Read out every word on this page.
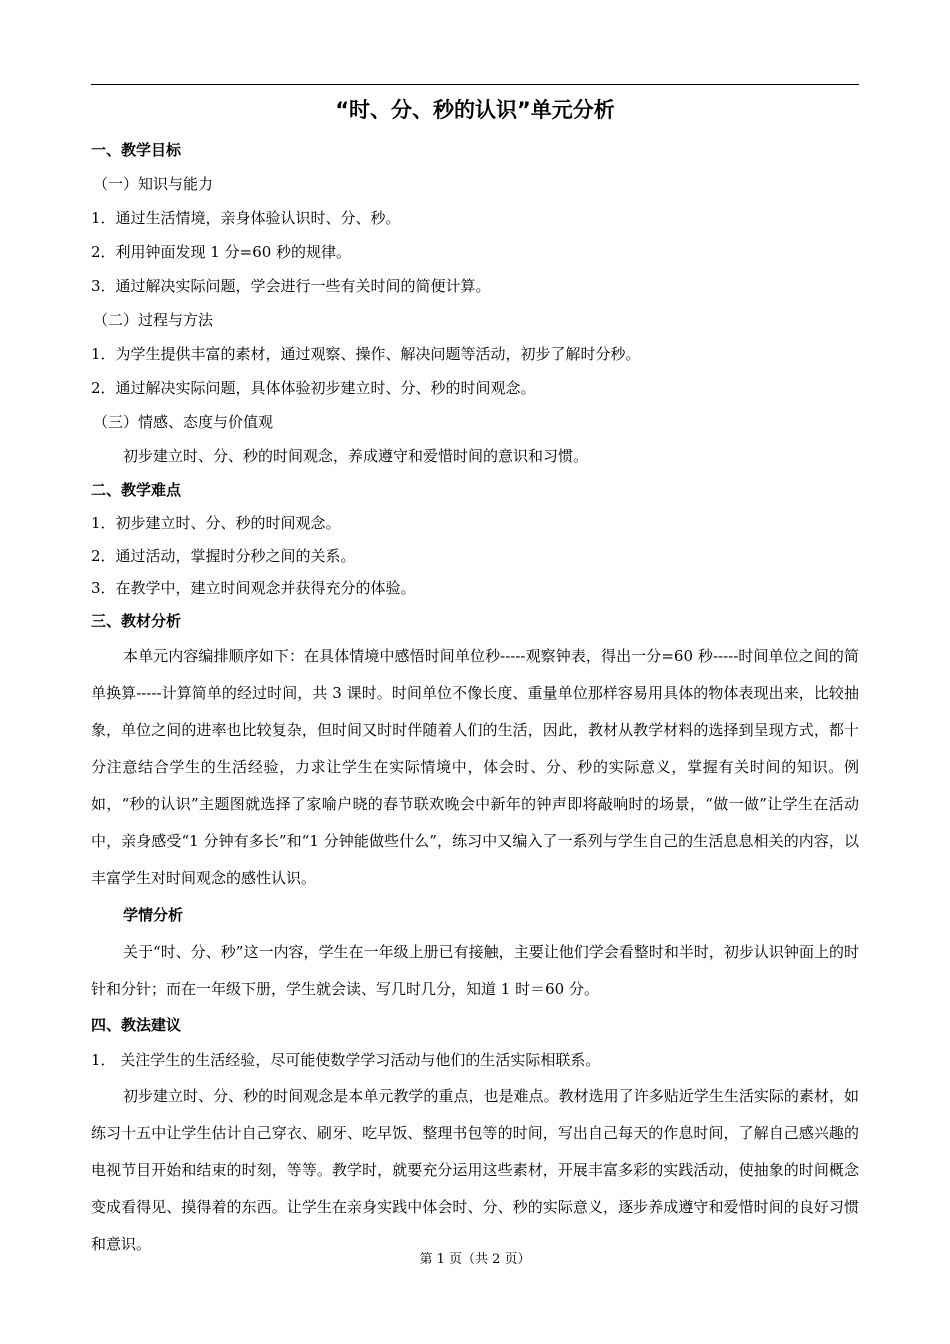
“时、分、秒的认识”单元分析
一、教学目标
（一）知识与能力
1．通过生活情境，亲身体验认识时、分、秒。
2．利用钟面发现 1 分=60 秒的规律。
3．通过解决实际问题，学会进行一些有关时间的简便计算。
（二）过程与方法
1．为学生提供丰富的素材，通过观察、操作、解决问题等活动，初步了解时分秒。
2．通过解决实际问题，具体体验初步建立时、分、秒的时间观念。
（三）情感、态度与价值观
初步建立时、分、秒的时间观念，养成遵守和爱惜时间的意识和习惯。
二、教学难点
1．初步建立时、分、秒的时间观念。
2．通过活动，掌握时分秒之间的关系。
3．在教学中，建立时间观念并获得充分的体验。
三、教材分析

本单元内容编排顺序如下：在具体情境中感悟时间单位秒-----观察钟表，得出一分=60 秒-----时间单位之间的简单换算-----计算简单的经过时间，共 3 课时。时间单位不像长度、重量单位那样容易用具体的物体表现出来，比较抽象，单位之间的进率也比较复杂，但时间又时时伴随着人们的生活，因此，教材从教学材料的选择到呈现方式，都十分注意结合学生的生活经验，力求让学生在实际情境中，体会时、分、秒的实际意义，掌握有关时间的知识。例如，“秒的认识”主题图就选择了家喻户晓的春节联欢晚会中新年的钟声即将敲响时的场景，“做一做”让学生在活动中，亲身感受“1 分钟有多长”和“1 分钟能做些什么”，练习中又编入了一系列与学生自己的生活息息相关的内容，以丰富学生对时间观念的感性认识。

学情分析

关于“时、分、秒”这一内容，学生在一年级上册已有接触，主要让他们学会看整时和半时，初步认识钟面上的时针和分针；而在一年级下册，学生就会读、写几时几分，知道 1 时＝60 分。

四、教法建议
1． 关注学生的生活经验，尽可能使数学学习活动与他们的生活实际相联系。

初步建立时、分、秒的时间观念是本单元教学的重点，也是难点。教材选用了许多贴近学生生活实际的素材，如练习十五中让学生估计自己穿衣、刷牙、吃早饭、整理书包等的时间，写出自己每天的作息时间，了解自己感兴趣的电视节目开始和结束的时刻，等等。教学时，就要充分运用这些素材，开展丰富多彩的实践活动，使抽象的时间概念变成看得见、摸得着的东西。让学生在亲身实践中体会时、分、秒的实际意义，逐步养成遵守和爱惜时间的良好习惯和意识。

第 1 页（共 2 页）
